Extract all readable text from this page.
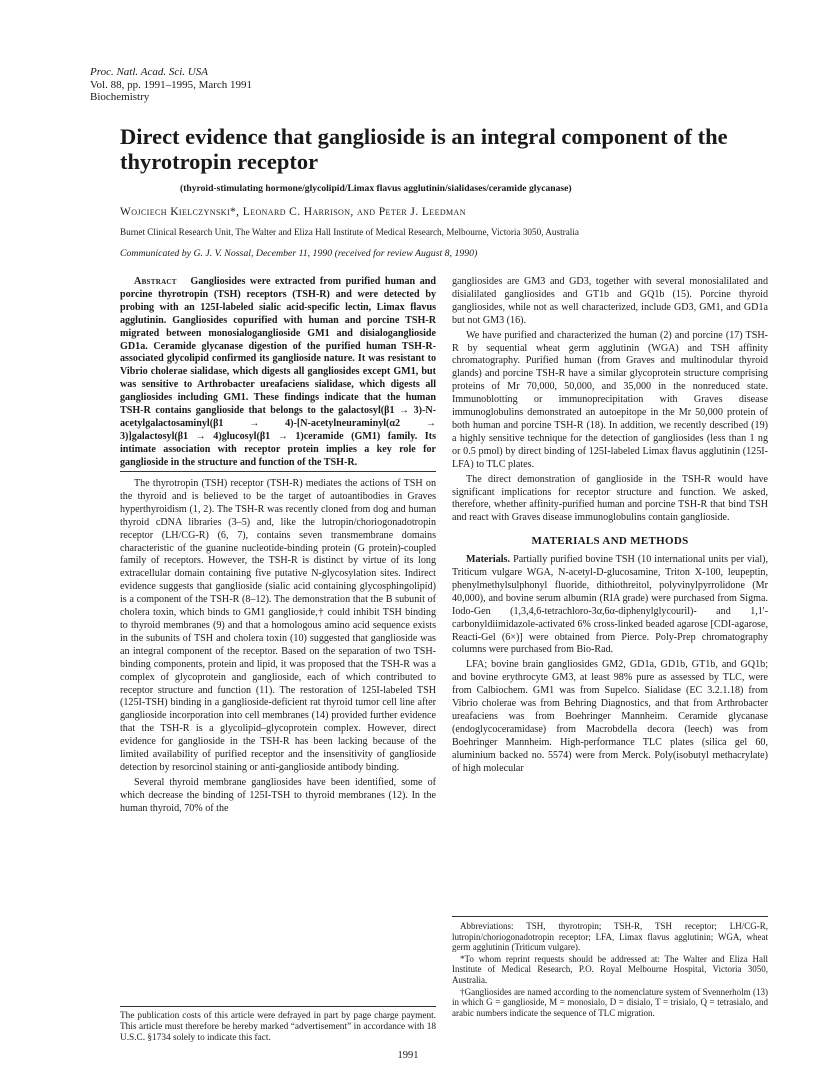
Proc. Natl. Acad. Sci. USA
Vol. 88, pp. 1991–1995, March 1991
Biochemistry
Direct evidence that ganglioside is an integral component of the thyrotropin receptor
(thyroid-stimulating hormone/glycolipid/Limax flavus agglutinin/sialidases/ceramide glycanase)
Wojciech Kielczynski*, Leonard C. Harrison, and Peter J. Leedman
Burnet Clinical Research Unit, The Walter and Eliza Hall Institute of Medical Research, Melbourne, Victoria 3050, Australia
Communicated by G. J. V. Nossal, December 11, 1990 (received for review August 8, 1990)

Abstract Gangliosides were extracted from purified human and porcine thyrotropin (TSH) receptors (TSH-R) and were detected by probing with an 125I-labeled sialic acid-specific lectin, Limax flavus agglutinin. Gangliosides copurified with human and porcine TSH-R migrated between monosialoganglioside GM1 and disialoganglioside GD1a. Ceramide glycanase digestion of the purified human TSH-R-associated glycolipid confirmed its ganglioside nature. It was resistant to Vibrio cholerae sialidase, which digests all gangliosides except GM1, but was sensitive to Arthrobacter ureafaciens sialidase, which digests all gangliosides including GM1. These findings indicate that the human TSH-R contains ganglioside that belongs to the galactosyl(β1 → 3)-N-acetylgalactosaminyl(β1 → 4)-[N-acetylneuraminyl(α2 → 3)]galactosyl(β1 → 4)glucosyl(β1 → 1)ceramide (GM1) family. Its intimate association with receptor protein implies a key role for ganglioside in the structure and function of the TSH-R.

The thyrotropin (TSH) receptor (TSH-R) mediates the actions of TSH on the thyroid and is believed to be the target of autoantibodies in Graves hyperthyroidism (1, 2). The TSH-R was recently cloned from dog and human thyroid cDNA libraries (3–5) and, like the lutropin/choriogonadotropin receptor (LH/CG-R) (6, 7), contains seven transmembrane domains characteristic of the guanine nucleotide-binding protein (G protein)-coupled family of receptors. However, the TSH-R is distinct by virtue of its long extracellular domain containing five putative N-glycosylation sites. Indirect evidence suggests that ganglioside (sialic acid containing glycosphingolipid) is a component of the TSH-R (8–12). The demonstration that the B subunit of cholera toxin, which binds to GM1 ganglioside,† could inhibit TSH binding to thyroid membranes (9) and that a homologous amino acid sequence exists in the subunits of TSH and cholera toxin (10) suggested that ganglioside was an integral component of the receptor. Based on the separation of two TSH-binding components, protein and lipid, it was proposed that the TSH-R was a complex of glycoprotein and ganglioside, each of which contributed to receptor structure and function (11). The restoration of 125I-labeled TSH (125I-TSH) binding in a ganglioside-deficient rat thyroid tumor cell line after ganglioside incorporation into cell membranes (14) provided further evidence that the TSH-R is a glycolipid–glycoprotein complex. However, direct evidence for ganglioside in the TSH-R has been lacking because of the limited availability of purified receptor and the insensitivity of ganglioside detection by resorcinol staining or anti-ganglioside antibody binding.

Several thyroid membrane gangliosides have been identified, some of which decrease the binding of 125I-TSH to thyroid membranes (12). In the human thyroid, 70% of the

gangliosides are GM3 and GD3, together with several monosialilated and disialilated gangliosides and GT1b and GQ1b (15). Porcine thyroid gangliosides, while not as well characterized, include GD3, GM1, and GD1a but not GM3 (16).

We have purified and characterized the human (2) and porcine (17) TSH-R by sequential wheat germ agglutinin (WGA) and TSH affinity chromatography. Purified human (from Graves and multinodular thyroid glands) and porcine TSH-R have a similar glycoprotein structure comprising proteins of Mr 70,000, 50,000, and 35,000 in the nonreduced state. Immunoblotting or immunoprecipitation with Graves disease immunoglobulins demonstrated an autoepitope in the Mr 50,000 protein of both human and porcine TSH-R (18). In addition, we recently described (19) a highly sensitive technique for the detection of gangliosides (less than 1 ng or 0.5 pmol) by direct binding of 125I-labeled Limax flavus agglutinin (125I-LFA) to TLC plates.

The direct demonstration of ganglioside in the TSH-R would have significant implications for receptor structure and function. We asked, therefore, whether affinity-purified human and porcine TSH-R that bind TSH and react with Graves disease immunoglobulins contain ganglioside.

MATERIALS AND METHODS

Materials. Partially purified bovine TSH (10 international units per vial), Triticum vulgare WGA, N-acetyl-D-glucosamine, Triton X-100, leupeptin, phenylmethylsulphonyl fluoride, dithiothreitol, polyvinylpyrrolidone (Mr 40,000), and bovine serum albumin (RIA grade) were purchased from Sigma. Iodo-Gen (1,3,4,6-tetrachloro-3α,6α-diphenylglycouril)- and 1,1'-carbonyldiimidazole-activated 6% cross-linked beaded agarose [CDI-agarose, Reacti-Gel (6×)] were obtained from Pierce. Poly-Prep chromatography columns were purchased from Bio-Rad.

LFA; bovine brain gangliosides GM2, GD1a, GD1b, GT1b, and GQ1b; and bovine erythrocyte GM3, at least 98% pure as assessed by TLC, were from Calbiochem. GM1 was from Supelco. Sialidase (EC 3.2.1.18) from Vibrio cholerae was from Behring Diagnostics, and that from Arthrobacter ureafaciens was from Boehringer Mannheim. Ceramide glycanase (endoglycoceramidase) from Macrobdella decora (leech) was from Boehringer Mannheim. High-performance TLC plates (silica gel 60, aluminium backed no. 5574) were from Merck. Poly(isobutyl methacrylate) of high molecular

Abbreviations: TSH, thyrotropin; TSH-R, TSH receptor; LH/CG-R, lutropin/choriogonadotropin receptor; LFA, Limax flavus agglutinin; WGA, wheat germ agglutinin (Triticum vulgare).

*To whom reprint requests should be addressed at: The Walter and Eliza Hall Institute of Medical Research, P.O. Royal Melbourne Hospital, Victoria 3050, Australia.

†Gangliosides are named according to the nomenclature system of Svennerholm (13) in which G = ganglioside, M = monosialo, D = disialo, T = trisialo, Q = tetrasialo, and arabic numbers indicate the sequence of TLC migration.

The publication costs of this article were defrayed in part by page charge payment. This article must therefore be hereby marked “advertisement” in accordance with 18 U.S.C. §1734 solely to indicate this fact.
1991
